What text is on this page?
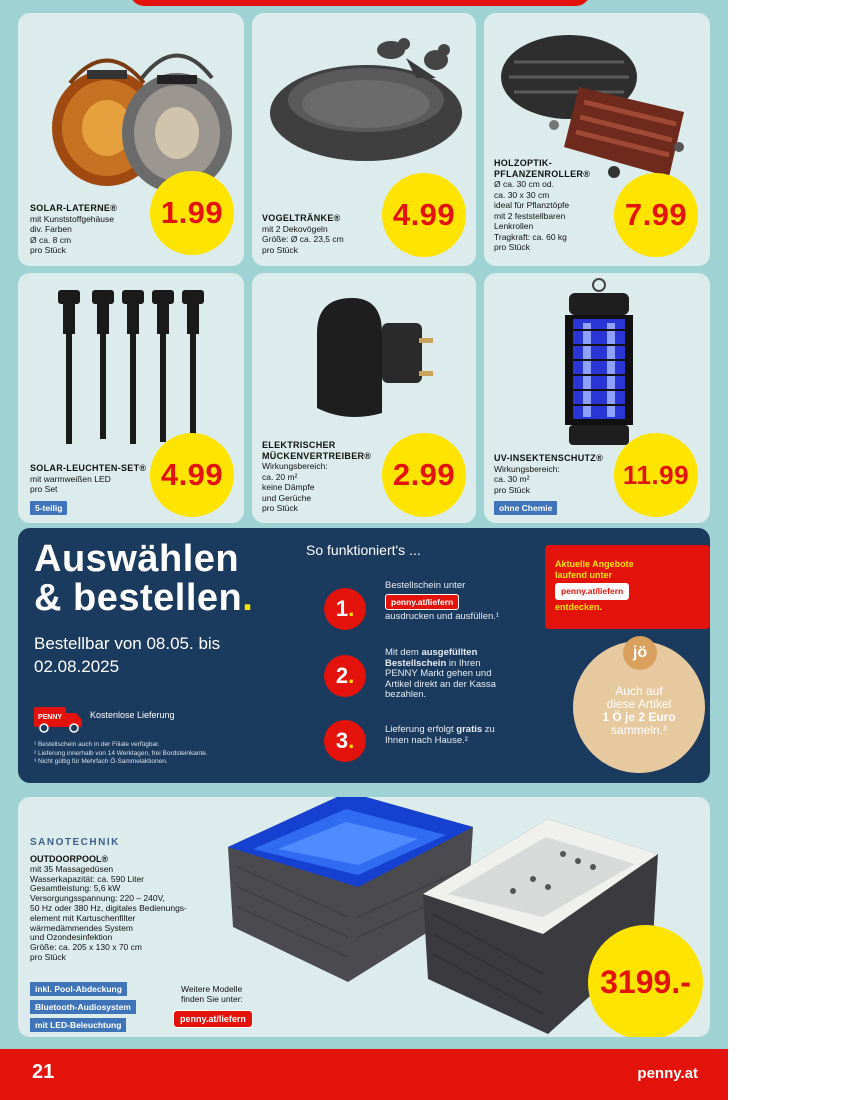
SOLAR-LATERNE®
mit Kunststoffgehäuse
div. Farben
Ø ca. 8 cm
pro Stück
1.99	VOGELTRÄNKE®
mit 2 Dekovögeln
Größe: Ø ca. 23,5 cm
pro Stück
4.99
HOLZOPTIK-PFLANZENROLLER®
Ø ca. 30 cm od.
ca. 30 x 30 cm
ideal für Pflanztöpfe
mit 2 feststellbaren
Lenkrollen
Tragkraft: ca. 60 kg
pro Stück
7.99
SOLAR-LEUCHTEN-SET®
mit warmweißen LED
pro Set
5-teilig
4.99
ELEKTRISCHER MÜCKENVERTREIBER®
Wirkungsbereich:
ca. 20 m²
keine Dämpfe
und Gerüche
pro Stück
2.99	UV-INSEKTENSCHUTZ®
Wirkungsbereich:
ca. 30 m²
pro Stück
ohne Chemie
11.99
Auswählen
& bestellen.
Bestellbar von 08.05. bis 02.08.2025
PENNY	Kostenlose Lieferung
¹ Bestellschein auch in der Filiale verfügbar.
² Lieferung innerhalb von 14 Werktagen, frei Bordsteinkante.
³ Nicht gültig für Mehrfach Ö-Sammelaktionen.
So funktioniert's ...
1 .
Bestellschein unter
penny.at/liefern
ausdrucken und ausfüllen.¹
2 .
Mit dem ausgefüllten Bestellschein in Ihren PENNY Markt gehen und Artikel direkt an der Kassa bezahlen.
3 .	Lieferung erfolgt gratis zu Ihnen nach Hause.²
Aktuelle Angebote
laufend unter
penny.at/liefern
entdecken.
jö
Auch auf
diese Artikel
1 Ö je 2 Euro
sammeln.³
SANOTECHNIK
OUTDOORPOOL®
mit 35 Massagedüsen
Wasserkapazität: ca. 590 Liter
Gesamtleistung: 5,6 kW
Versorgungsspannung: 220 – 240V,
50 Hz oder 380 Hz, digitales Bedienungs-
element mit Kartuschenfilter
wärmedämmendes System
und Ozondesinfektion
Größe: ca. 205 x 130 x 70 cm
pro Stück
inkl. Pool-Abdeckung
Bluetooth-Audiosystem
mit LED-Beleuchtung
Weitere Modelle
finden Sie unter:
penny.at/liefern
3199.-
21	penny.at
